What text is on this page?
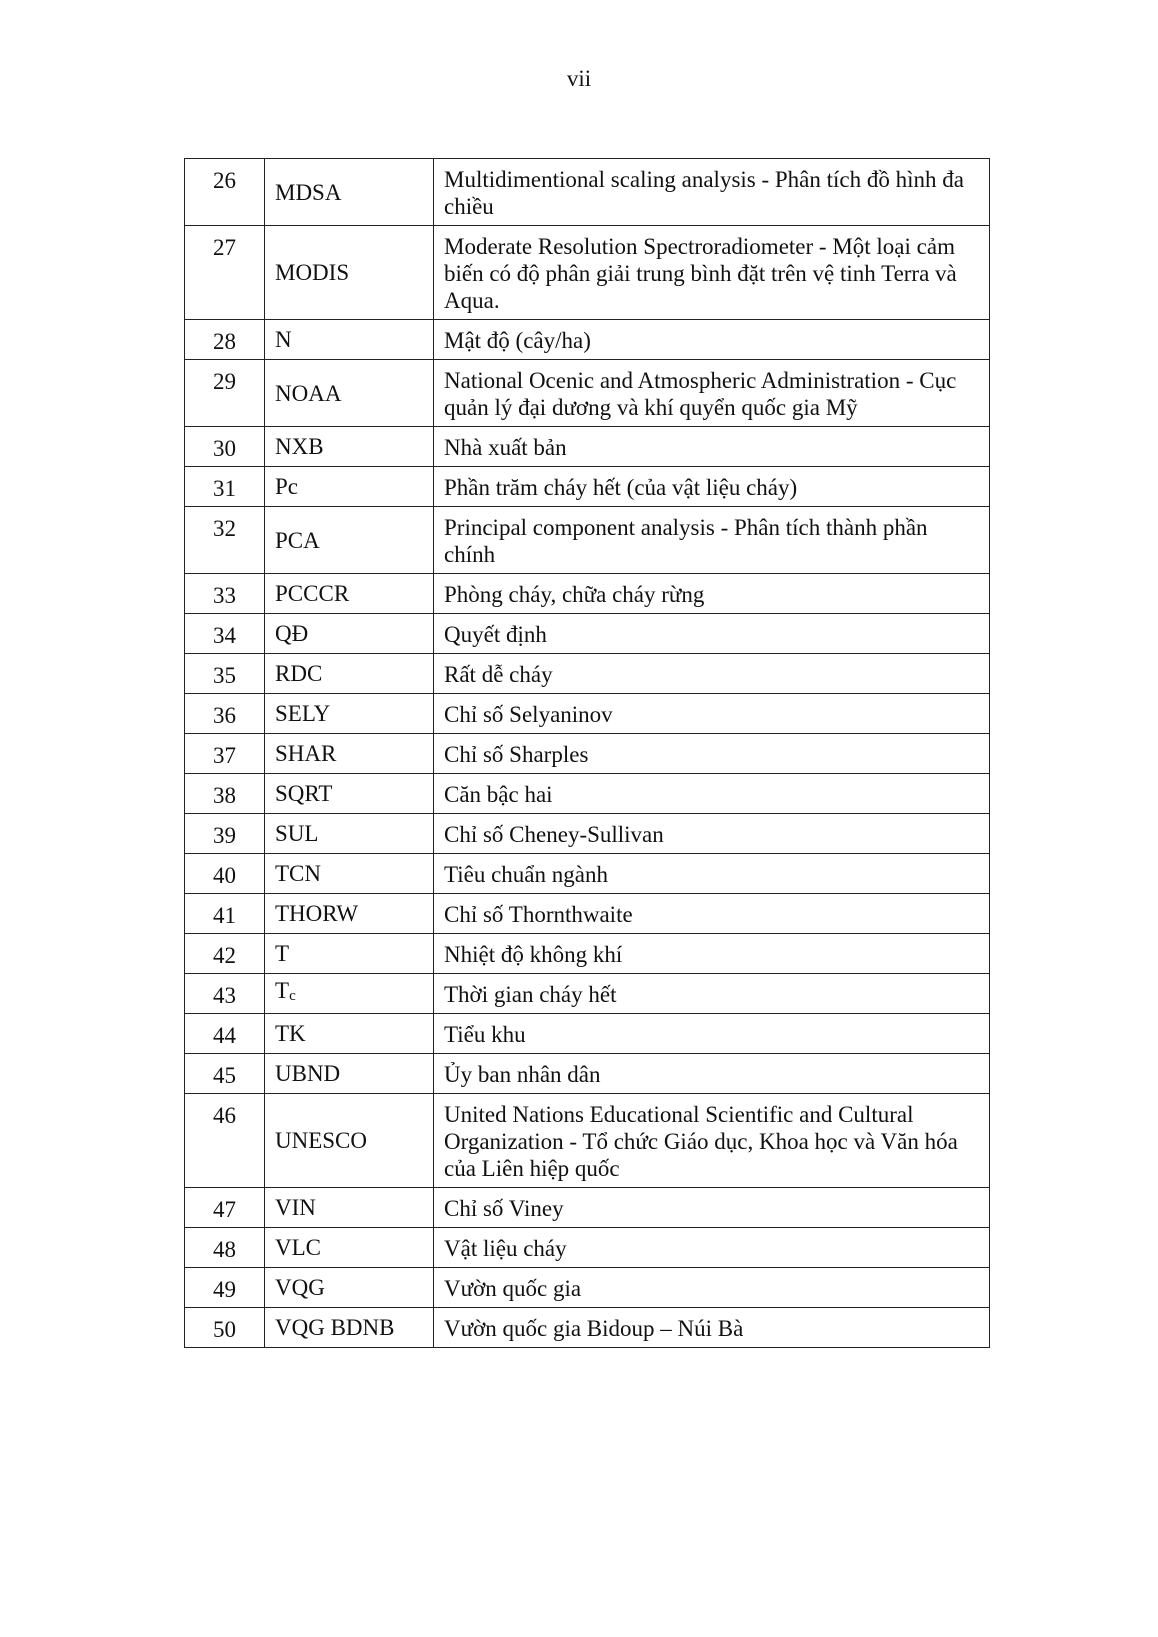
vii
26	MDSA	Multidimentional scaling analysis - Phân tích đồ hình đa chiều
27	MODIS	Moderate Resolution Spectroradiometer - Một loại cảm biến có độ phân giải trung bình đặt trên vệ tinh Terra và Aqua.
28	N	Mật độ (cây/ha)
29	NOAA	National Ocenic and Atmospheric Administration - Cục quản lý đại dương và khí quyển quốc gia Mỹ
30	NXB	Nhà xuất bản
31	Pc	Phần trăm cháy hết (của vật liệu cháy)
32	PCA	Principal component analysis - Phân tích thành phần chính
33	PCCCR	Phòng cháy, chữa cháy rừng
34	QĐ	Quyết định
35	RDC	Rất dễ cháy
36	SELY	Chỉ số Selyaninov
37	SHAR	Chỉ số Sharples
38	SQRT	Căn bậc hai
39	SUL	Chỉ số Cheney-Sullivan
40	TCN	Tiêu chuẩn ngành
41	THORW	Chỉ số Thornthwaite
42	T	Nhiệt độ không khí
43	$T_c$	Thời gian cháy hết
44	TK	Tiểu khu
45	UBND	Ủy ban nhân dân
46	UNESCO	United Nations Educational Scientific and Cultural Organization - Tổ chức Giáo dục, Khoa học và Văn hóa của Liên hiệp quốc
47	VIN	Chỉ số Viney
48	VLC	Vật liệu cháy
49	VQG	Vườn quốc gia
50	VQG BDNB	Vườn quốc gia Bidoup – Núi Bà
